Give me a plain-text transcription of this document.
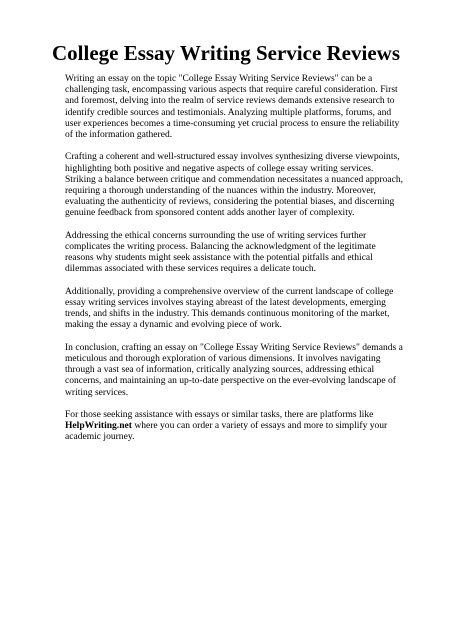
College Essay Writing Service Reviews

Writing an essay on the topic "College Essay Writing Service Reviews" can be a challenging task, encompassing various aspects that require careful consideration. First and foremost, delving into the realm of service reviews demands extensive research to identify credible sources and testimonials. Analyzing multiple platforms, forums, and user experiences becomes a time-consuming yet crucial process to ensure the reliability of the information gathered.

Crafting a coherent and well-structured essay involves synthesizing diverse viewpoints, highlighting both positive and negative aspects of college essay writing services. Striking a balance between critique and commendation necessitates a nuanced approach, requiring a thorough understanding of the nuances within the industry. Moreover, evaluating the authenticity of reviews, considering the potential biases, and discerning genuine feedback from sponsored content adds another layer of complexity.

Addressing the ethical concerns surrounding the use of writing services further complicates the writing process. Balancing the acknowledgment of the legitimate reasons why students might seek assistance with the potential pitfalls and ethical dilemmas associated with these services requires a delicate touch.

Additionally, providing a comprehensive overview of the current landscape of college essay writing services involves staying abreast of the latest developments, emerging trends, and shifts in the industry. This demands continuous monitoring of the market, making the essay a dynamic and evolving piece of work.

In conclusion, crafting an essay on "College Essay Writing Service Reviews" demands a meticulous and thorough exploration of various dimensions. It involves navigating through a vast sea of information, critically analyzing sources, addressing ethical concerns, and maintaining an up-to-date perspective on the ever-evolving landscape of writing services.

For those seeking assistance with essays or similar tasks, there are platforms like
HelpWriting.net where you can order a variety of essays and more to simplify your academic journey.
